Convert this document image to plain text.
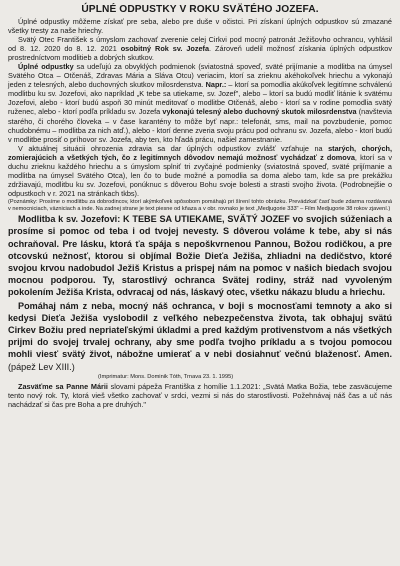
ÚPLNÉ ODPUSTKY V ROKU SVÄTÉHO JOZEFA.

Úplné odpustky môžeme získať pre seba, alebo pre duše v očistci. Pri získaní úplných odpustkov sú zmazané všetky tresty za naše hriechy.

Svätý Otec František s úmyslom zachovať zverenie celej Cirkvi pod mocný patronát Ježišovho ochrancu, vyhlásil od 8. 12. 2020 do 8. 12. 2021 osobitný Rok sv. Jozefa. Zároveň udelil možnosť získania úplných odpustkov prostredníctvom modlitieb a dobrých skutkov.

Úplné odpustky sa udeľujú za obvyklých podmienok (sviatostná spoveď, sväté prijímanie a modlitba na úmysel Svätého Otca – Otčenáš, Zdravas Mária a Sláva Otcu) veriacim, ktorí sa zrieknu akéhokoľvek hriechu a vykonajú jeden z telesných, alebo duchovných skutkov milosrdenstva. Napr.: – ktorí sa pomodlia akúkoľvek legitímne schválenú modlitbu ku sv. Jozefovi, ako napríklad „K tebe sa utiekame, sv. Jozef", alebo – ktorí sa budú modliť litánie k svätému Jozefovi, alebo - ktorí budú aspoň 30 minút meditovať o modlitbe Otčenáš, alebo - ktorí sa v rodine pomodlia svätý ruženec, alebo - ktorí podľa príkladu sv. Jozefa vykonajú telesný alebo duchovný skutok milosrdenstva (navštevia starého, či chorého človeka – v čase karantény to môže byť napr.: telefonát, sms, mail na povzbudenie, pomoc chudobnému – modlitba za nich atď.), alebo - ktorí denne zveria svoju prácu pod ochranu sv. Jozefa, alebo - ktorí budú v modlitbe prosiť o príhovor sv. Jozefa, aby ten, kto hľadá prácu, našiel zamestnanie.

V aktuálnej situácii ohrozenia zdravia sa dar úplných odpustkov zvlášť vzťahuje na starých, chorých, zomierajúcich a všetkých tých, čo z legitímnych dôvodov nemajú možnosť vychádzať z domova, ktorí sa v duchu zrieknu každého hriechu a s úmyslom splniť tri zvyčajné podmienky (sviatostná spoveď, sväté prijímanie a modlitba na úmysel Svätého Otca), len čo to bude možné a pomodlia sa doma alebo tam, kde sa pre prekážku zdržiavajú, modlitbu ku sv. Jozefovi, ponúknuc s dôverou Bohu svoje bolesti a strasti svojho života. (Podrobnejšie o odpustkoch v r. 2021 na stránkach tkbs).

(Poznámky: Prosíme o modlitbu za dobrodincov, ktorí akýmkoľvek spôsobom pomáhajú pri šírení tohto obrázku. Prevádzkať časť bude zdarma rozdávaná v nemocniciach, väzniciach a inde. Na zadnej strane je text piesne od kňaza a v obr. rovnako je text „Medjugorie 333" – Film Medjugorie 38 rokov zjavení.)

Modlitba k sv. Jozefovi: K TEBE SA UTIEKAME, SVÄTÝ JOZEF vo svojich súženiach a prosíme si pomoc od teba i od tvojej nevesty. S dôverou voláme k tebe, aby si nás ochraňoval. Pre lásku, ktorá ťa spája s nepoškvrnenou Pannou, Božou rodičkou, a pre otcovskú nežnosť, ktorou si objímal Božie Dieťa Ježiša, zhliadni na dedičstvo, ktoré svojou krvou nadobudol Ježiš Kristus a prispej nám na pomoc v našich biedach svojou mocnou podporou. Ty, starostlivý ochranca Svätej rodiny, stráž nad vyvoleným pokolením Ježiša Krista, odvracaj od nás, láskavý otec, všetku nákazu bludu a hriechu.

Pomáhaj nám z neba, mocný náš ochranca, v boji s mocnosťami temnoty a ako si kedysi Dieťa Ježiša vyslobodil z veľkého nebezpečenstva života, tak obhajuj svätú Cirkev Božiu pred nepriateľskými úkladmi a pred každým protivenstvom a nás všetkých prijmi do svojej trvalej ochrany, aby sme podľa tvojho príkladu a s tvojou pomocou mohli viesť svätý život, nábožne umierať a v nebi dosiahnuť večnú blaženosť. Amen. (pápež Lev XIII.)

(Imprimatur: Mons. Dominik Tóth, Trnava 23. 1. 1995)

Zasväťme sa Panne Márii slovami pápeža Františka z homílie 1.1.2021: „Svätá Matka Božia, tebe zasväcujeme tento nový rok. Ty, ktorá vieš všetko zachovať v srdci, vezmi si nás do starostlivosti. Požehnávaj náš čas a uč nás nachádzať si čas pre Boha a pre druhých."
